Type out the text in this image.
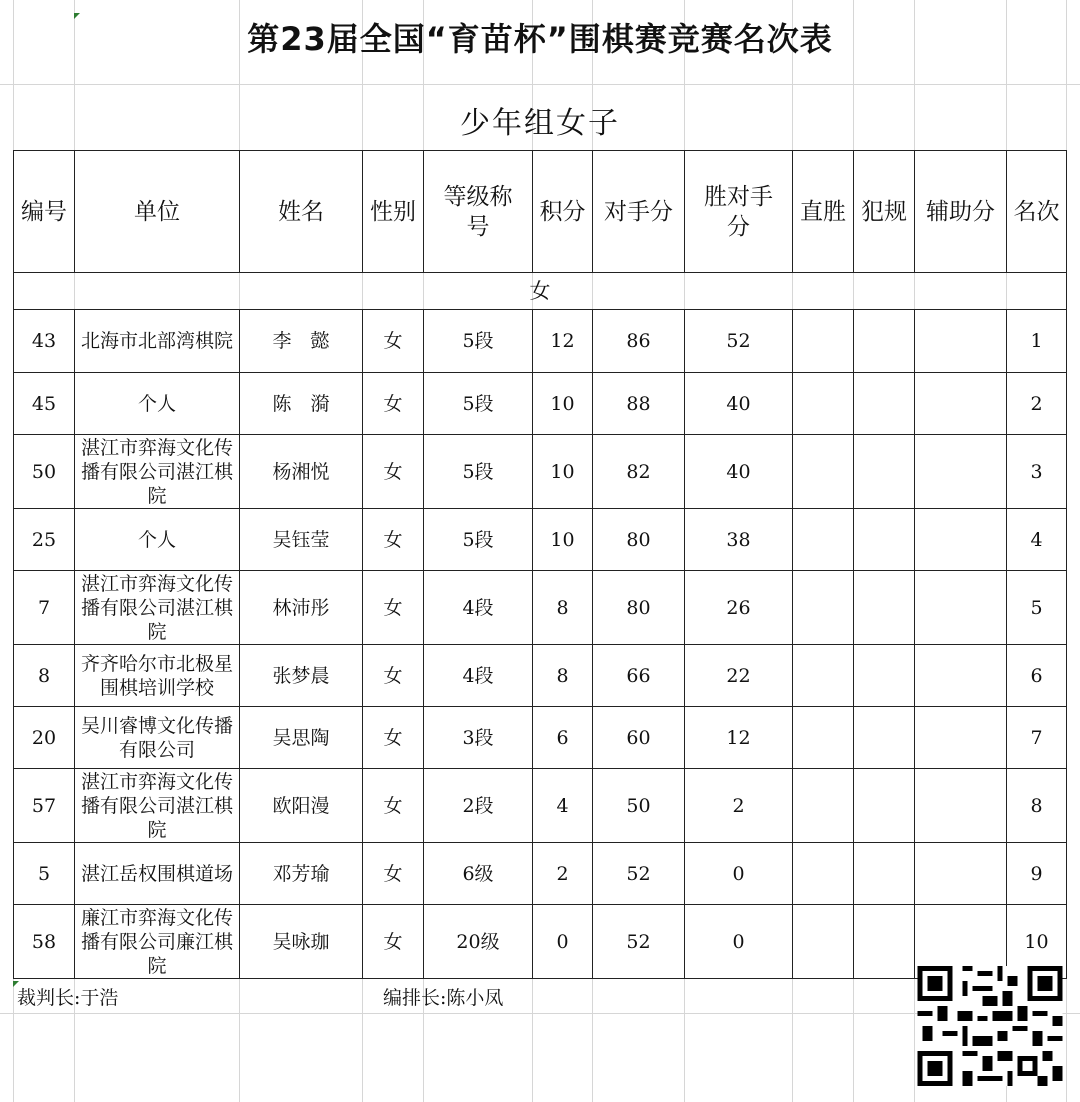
第23届全国“育苗杯”围棋赛竞赛名次表
少年组女子
编号	单位	姓名	性别	等级称号	积分	对手分	胜对手分	直胜	犯规	辅助分	名次
女											
43	北海市北部湾棋院	李　懿	女	5段	12	86	52				1
45	个人	陈　漪	女	5段	10	88	40				2
50	湛江市弈海文化传播有限公司湛江棋院	杨湘悦	女	5段	10	82	40				3
25	个人	吴钰莹	女	5段	10	80	38				4
7	湛江市弈海文化传播有限公司湛江棋院	林沛彤	女	4段	8	80	26				5
8	齐齐哈尔市北极星围棋培训学校	张梦晨	女	4段	8	66	22				6
20	吴川睿博文化传播有限公司	吴思陶	女	3段	6	60	12				7
57	湛江市弈海文化传播有限公司湛江棋院	欧阳漫	女	2段	4	50	2				8
5	湛江岳权围棋道场	邓芳瑜	女	6级	2	52	0				9
58	廉江市弈海文化传播有限公司廉江棋院	吴咏珈	女	20级	0	52	0				10
裁判长:于浩	编排长:陈小凤
